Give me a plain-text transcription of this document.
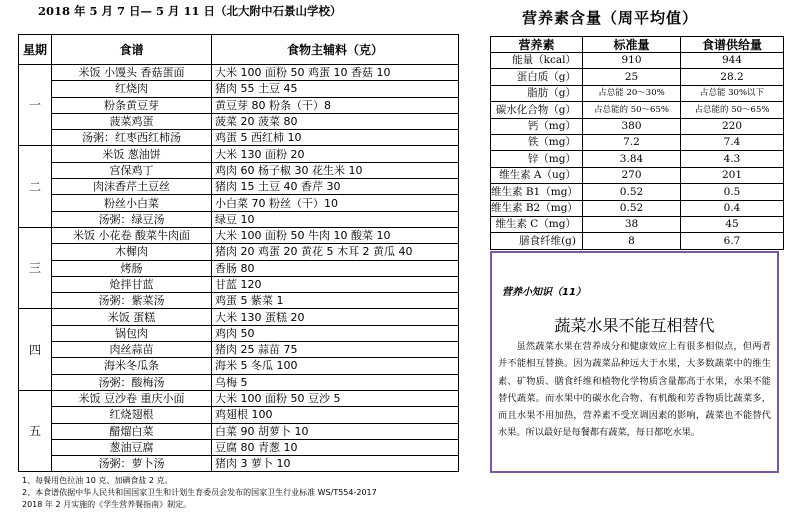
2018 年 5 月 7 日— 5 月 11 日（北大附中石景山学校）
星期	食谱	食物主辅料（克）
一	米饭 小馒头 香菇蛋面	大米 100 面粉 50 鸡蛋 10 香菇 10
	红烧肉	猪肉 55 土豆 45
	粉条黄豆芽	黄豆芽 80 粉条（干）8
	菠菜鸡蛋	菠菜 20 菠菜 80
	汤粥：红枣西红柿汤	鸡蛋 5 西红柿 10
二	米饭 葱油饼	大米 130 面粉 20
	宫保鸡丁	鸡肉 60 杨子椒 30 花生米 10
	肉沫香芹土豆丝	猪肉 15 土豆 40 香芹 30
	粉丝小白菜	小白菜 70 粉丝（干）10
	汤粥：绿豆汤	绿豆 10
三	米饭 小花卷 酸菜牛肉面	大米 100 面粉 50 牛肉 10 酸菜 10
	木樨肉	猪肉 20 鸡蛋 20 黄花 5 木耳 2 黄瓜 40
	烤肠	香肠 80
	炝拌甘蓝	甘蓝 120
	汤粥：紫菜汤	鸡蛋 5 紫菜 1
四	米饭 蛋糕	大米 130 蛋糕 20
	锅包肉	鸡肉 50
	肉丝蒜苗	猪肉 25 蒜苗 75
	海米冬瓜条	海米 5 冬瓜 100
	汤粥：酸梅汤	乌梅 5
五	米饭 豆沙卷 重庆小面	大米 100 面粉 50 豆沙 5
	红烧翅根	鸡翅根 100
	醋熘白菜	白菜 90 胡萝卜 10
	葱油豆腐	豆腐 80 青葱 10
	汤粥：萝卜汤	猪肉 3 萝卜 10
1、每餐用色拉油 10 克、加碘食盐 2 克。
2、本食谱依据中华人民共和国国家卫生和计划生育委员会发布的国家卫生行业标准 WS/T554-2017
2018 年 2 月实施的《学生营养餐指南》制定。
营养素含量（周平均值）
营养素	标准量	食谱供给量
能量（kcal）	910	944
蛋白质（g）	25	28.2
脂肪（g）	占总能 20～30%	占总能 30%以下
碳水化合物（g）	占总能的 50～65%	占总能的 50～65%
钙（mg）	380	220
铁（mg）	7.2	7.4
锌（mg）	3.84	4.3
维生素 A（ug）	270	201
维生素 B1（mg）	0.52	0.5
维生素 B2（mg）	0.52	0.4
维生素 C（mg）	38	45
膳食纤维(g)	8	6.7
营养小知识（11）
蔬菜水果不能互相替代
虽然蔬菜水果在营养成分和健康效应上有很多相似点，但两者并不能相互替换。因为蔬菜品种远大于水果，大多数蔬菜中的维生素、矿物质、膳食纤维和植物化学物质含量都高于水果，水果不能替代蔬菜。而水果中的碳水化合物、有机酸和芳香物质比蔬菜多，而且水果不用加热，营养素不受烹调因素的影响，蔬菜也不能替代水果。所以最好是每餐都有蔬菜，每日都吃水果。
